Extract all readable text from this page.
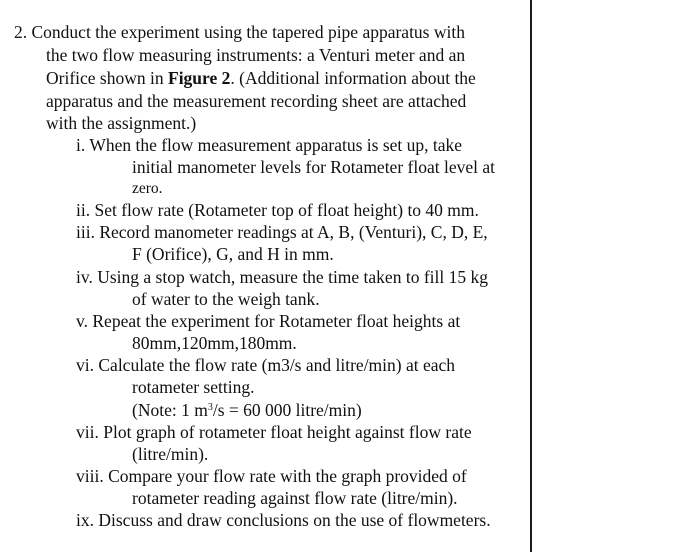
2. Conduct the experiment using the tapered pipe apparatus with
the two flow measuring instruments: a Venturi meter and an
Orifice shown in Figure 2. (Additional information about the
apparatus and the measurement recording sheet are attached
with the assignment.)
i. When the flow measurement apparatus is set up, take
initial manometer levels for Rotameter float level at
zero.
ii. Set flow rate (Rotameter top of float height) to 40 mm.
iii. Record manometer readings at A, B, (Venturi), C, D, E,
F (Orifice), G, and H in mm.
iv. Using a stop watch, measure the time taken to fill 15 kg
of water to the weigh tank.
v. Repeat the experiment for Rotameter float heights at
80mm,120mm,180mm.
vi. Calculate the flow rate (m3/s and litre/min) at each
rotameter setting.
(Note: 1 $m^3/s = 60$ 000 litre/min)
vii. Plot graph of rotameter float height against flow rate
(litre/min).
viii. Compare your flow rate with the graph provided of
rotameter reading against flow rate (litre/min).
ix. Discuss and draw conclusions on the use of flowmeters.
